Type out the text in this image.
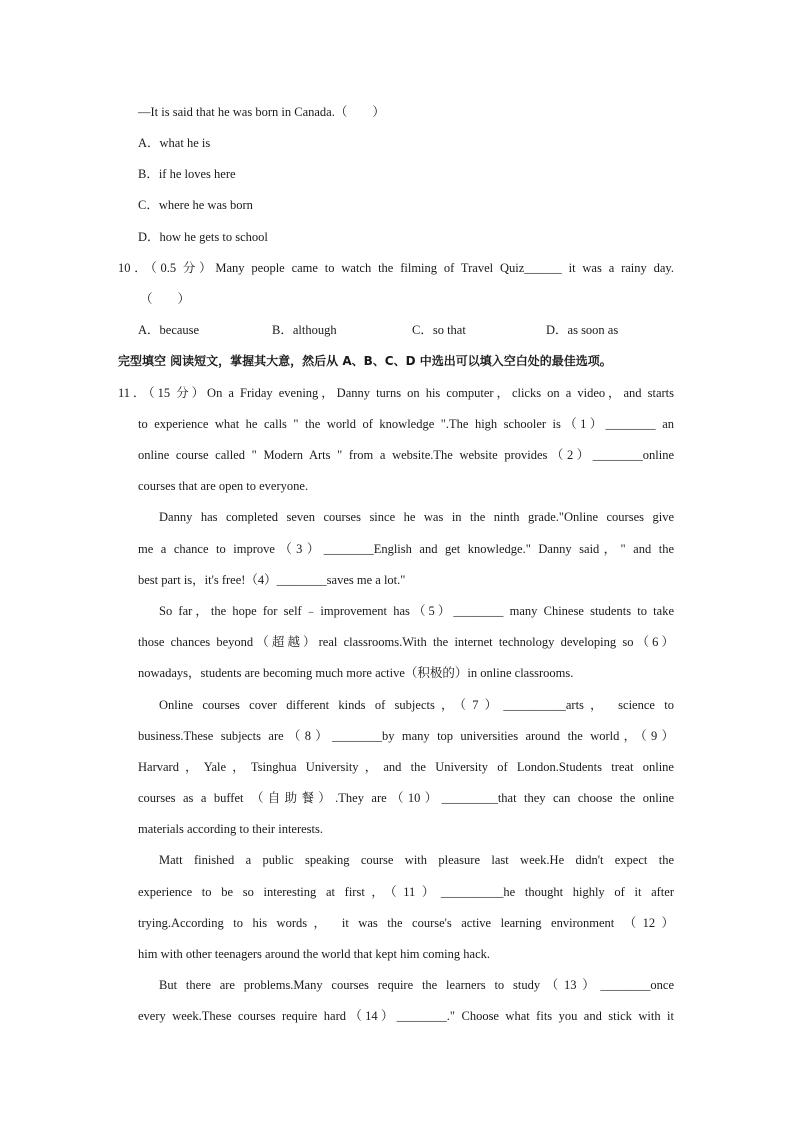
—It is said that he was born in Canada.（　　）
A．what he is
B．if he loves here
C．where he was born
D．how he gets to school
10．（0.5 分）Many people came to watch the filming of Travel Quiz______ it was a rainy day.
（　　）
A．because	B．although	C．so that	D．as soon as
完型填空 阅读短文，掌握其大意，然后从 A、B、C、D 中选出可以填入空白处的最佳选项。
11．（15 分）On a Friday evening，Danny turns on his computer，clicks on a video，and starts
to experience what he calls " the world of knowledge ".The high schooler is（1）________ an
online course called " Modern Arts " from a website.The website provides（2）________online
courses that are open to everyone.
Danny has completed seven courses since he was in the ninth grade."Online courses give
me a chance to improve（3）________English and get knowledge." Danny said，" and the
best part is，it's free!（4）________saves me a lot."
So far，the hope for self﹣improvement has（5）________ many Chinese students to take
those chances beyond（超越）real classrooms.With the internet technology developing so（6）
nowadays，students are becoming much more active（积极的）in online classrooms.
Online courses cover different kinds of subjects，（7）__________arts， science to
business.These subjects are（8）________by many top universities around the world，（9）
Harvard，Yale，Tsinghua University，and the University of London.Students treat online
courses as a buffet （自助餐）.They are（10）_________that they can choose the online
materials according to their interests.
Matt finished a public speaking course with pleasure last week.He didn't expect the
experience to be so interesting at first，（11）__________he thought highly of it after
trying.According to his words， it was the course's active learning environment （12）
him with other teenagers around the world that kept him coming hack.
But there are problems.Many courses require the learners to study（13）________once
every week.These courses require hard（14）________." Choose what fits you and stick with it
